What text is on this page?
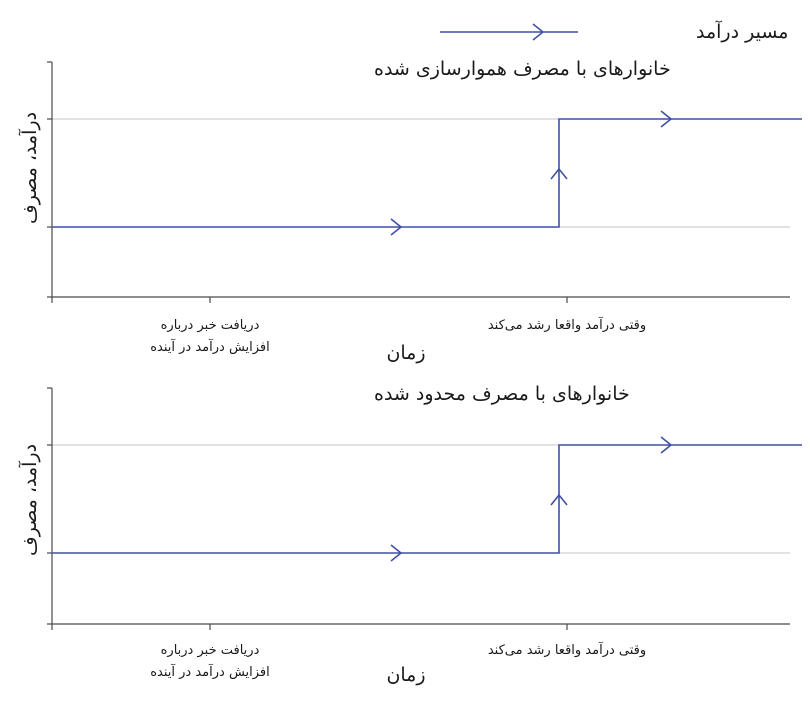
مسیر درآمد
خانوارهای با مصرف هموارسازی شده
درآمد، مصرف
دریافت خبر درباره افزایش درآمد در آینده
وقتی درآمد واقعا رشد می‌کند
زمان
خانوارهای با مصرف محدود شده
درآمد، مصرف
دریافت خبر درباره افزایش درآمد در آینده
وقتی درآمد واقعا رشد می‌کند
زمان
